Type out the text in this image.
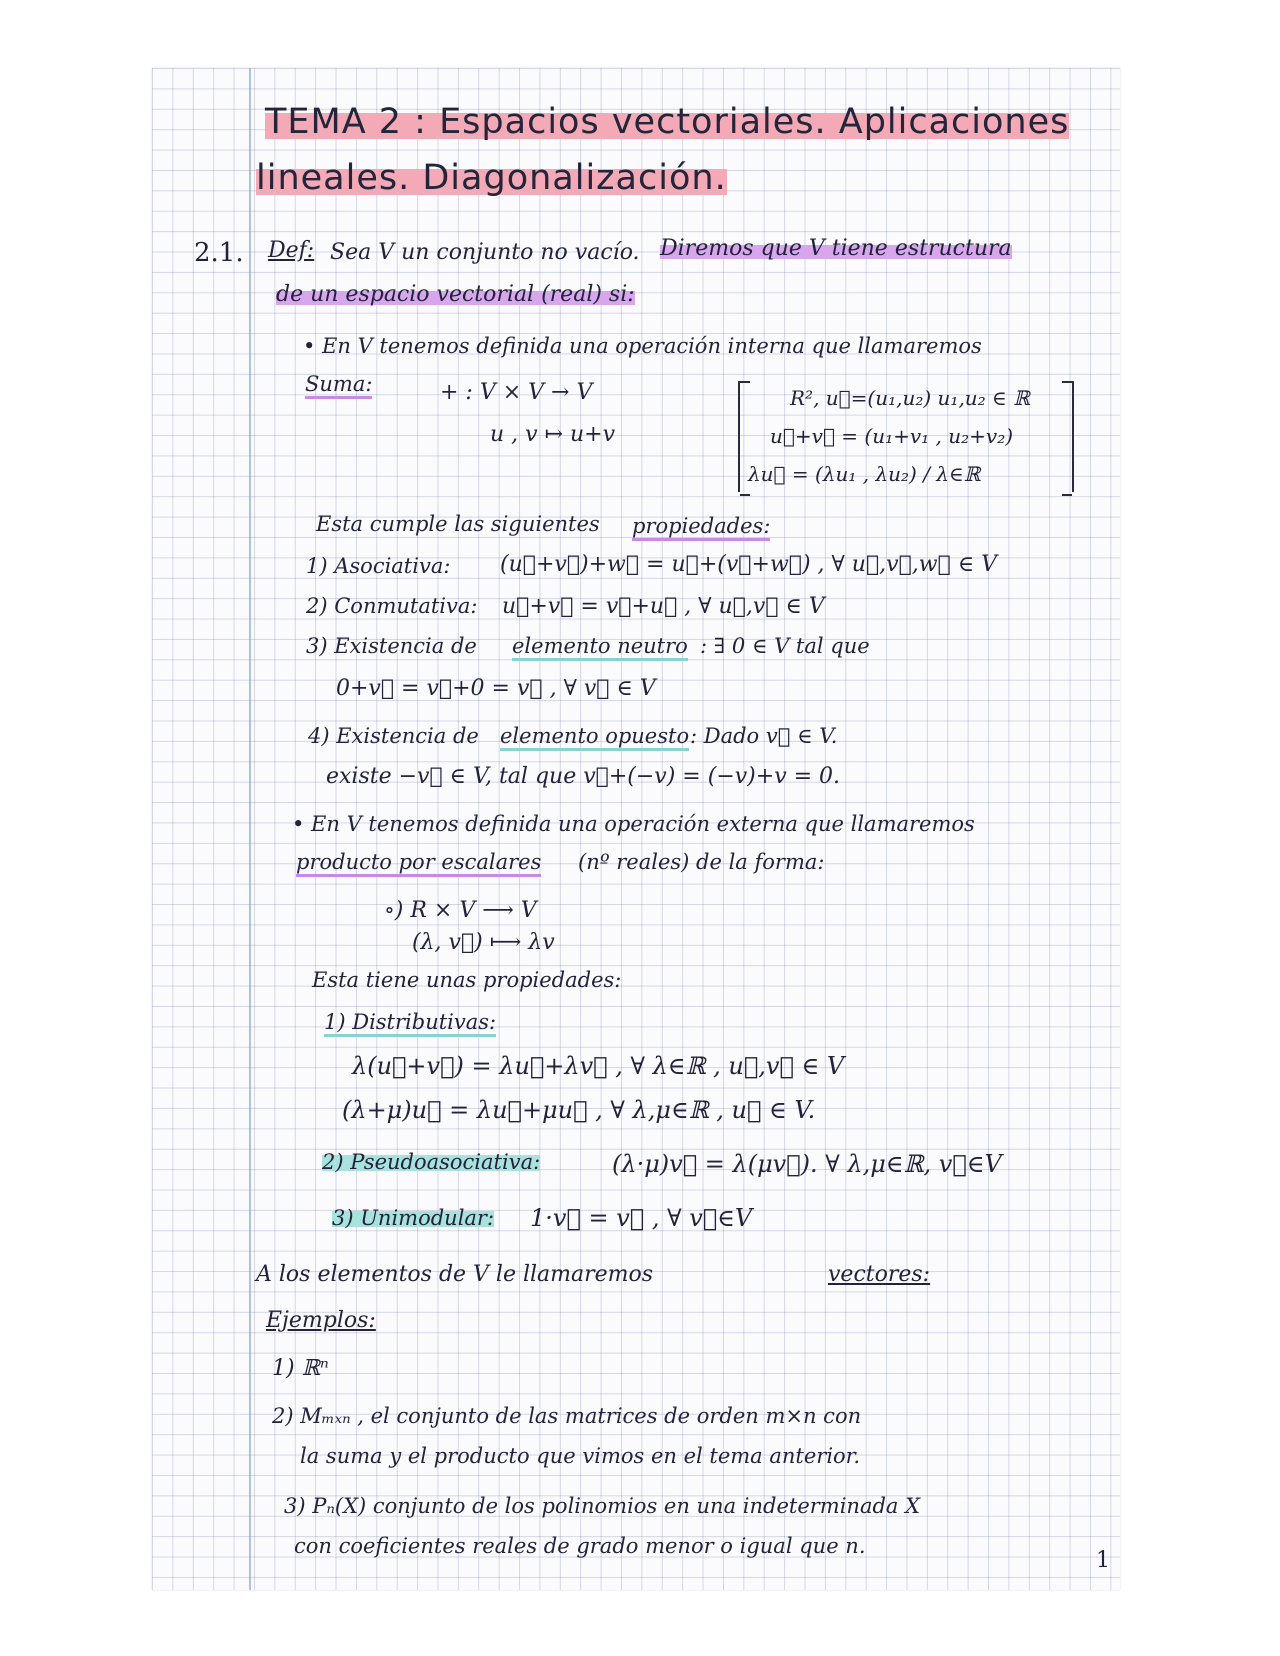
TEMA 2 : Espacios vectoriales. Aplicaciones
lineales. Diagonalización.
2.1. Def: Sea V un conjunto no vacío. Diremos que V tiene estructura
de un espacio vectorial (real) si:
• En V tenemos definida una operación interna que llamaremos
Suma:	+ : V × V → V
u , v ↦ u+v
R², u⃗=(u₁,u₂) u₁,u₂ ∈ ℝ
u⃗+v⃗ = (u₁+v₁ , u₂+v₂)
λu⃗ = (λu₁ , λu₂) / λ∈ℝ
Esta cumple las siguientes propiedades:
1) Asociativa: (u⃗+v⃗)+w⃗ = u⃗+(v⃗+w⃗) , ∀ u⃗,v⃗,w⃗ ∈ V
2) Conmutativa: u⃗+v⃗ = v⃗+u⃗ , ∀ u⃗,v⃗ ∈ V
3) Existencia de elemento neutro : ∃ 0 ∈ V tal que
0+v⃗ = v⃗+0 = v⃗ , ∀ v⃗ ∈ V
4) Existencia de elemento opuesto : Dado v⃗ ∈ V.
existe −v⃗ ∈ V, tal que v⃗+(−v) = (−v)+v = 0.
• En V tenemos definida una operación externa que llamaremos
producto por escalares (nº reales) de la forma:
∘) R × V ⟶ V
(λ, v⃗) ⟼ λv
Esta tiene unas propiedades:
1) Distributivas:
λ(u⃗+v⃗) = λu⃗+λv⃗ , ∀ λ∈ℝ , u⃗,v⃗ ∈ V
(λ+μ)u⃗ = λu⃗+μu⃗ , ∀ λ,μ∈ℝ , u⃗ ∈ V.
2) Pseudoasociativa:	(λ·μ)v⃗ = λ(μv⃗). ∀ λ,μ∈ℝ, v⃗∈V
3) Unimodular: 1·v⃗ = v⃗ , ∀ v⃗∈V
A los elementos de V le llamaremos	vectores:
Ejemplos:
1) ℝⁿ
2) Mₘₓₙ , el conjunto de las matrices de orden m×n con
la suma y el producto que vimos en el tema anterior.
3) Pₙ(X) conjunto de los polinomios en una indeterminada X
con coeficientes reales de grado menor o igual que n.
1
